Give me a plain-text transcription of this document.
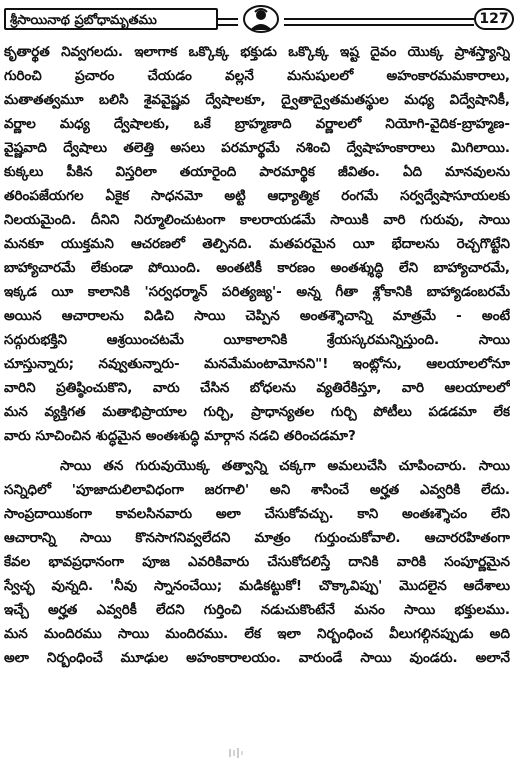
శ్రీసాయినాథ ప్రబోధామృతము	127
కృతార్థత నివ్వగలదు. ఇలాగాక ఒక్కొక్క భక్తుడు ఒక్కొక్క ఇష్ట దైవం యొక్క ప్రాశస్త్యాన్ని
గురించి ప్రచారం చేయడం వల్లనే మనుషులలో అహంకారమమకారాలు,
మతాతత్వమూ బలిసి శైవవైష్ణవ ద్వేషాలకూ, ద్వైతాద్వైతమతస్థుల మధ్య విద్వేషానికీ,
వర్ణాల మధ్య ద్వేషాలకు, ఒకే బ్రాహ్మణాది వర్ణాలలో నియోగి-వైదిక-బ్రాహ్మణ-
వైష్ణవాది ద్వేషాలు తలెత్తి అసలు పరమార్థమే నశించి ద్వేషాహంకారాలు మిగిలాయి.
కుక్కలు పీకిన విస్తరిలా తయారైంది పారమార్థిక జీవితం. ఏది మానవులను
తరింపజేయగల ఏకైక సాధనమో అట్టి ఆధ్యాత్మిక రంగమే సర్వద్వేషాసూయలకు
నిలయమైంది. దీనిని నిర్మూలించుటంగా కాలరాయడమే సాయికి వారి గురువు, సాయి
మనకూ యుక్తమని ఆచరణలో తెల్పినది. మతపరమైన యీ భేదాలను రెచ్చగొట్టేని
బాహ్యాచారమే లేకుండా పోయింది. అంతటికీ కారణం అంతశ్శుద్ధి లేని బాహ్యాచారమే,
ఇక్కడ యీ కాలానికి 'సర్వధర్మాన్ పరిత్యజ్య'- అన్న గీతా శ్లోకానికి బాహ్యాడంబరమే
అయిన ఆచారాలను విడిచి సాయి చెప్పిన అంతశ్శౌచాన్ని మాత్రమే - అంటే
సద్గురుభక్తిని ఆశ్రయించటమే యీకాలానికి శ్రేయస్కరమన్నిస్తుంది. సాయి
చూస్తున్నారు; నవ్వుతున్నారు- మనమేమంటామోనని"! ఇంట్లోను, ఆలయాలలోనూ
వారిని ప్రతిష్ఠించుకొని, వారు చేసిన బోధలను వ్యతిరేకిస్తూ, వారి ఆలయాలలో
మన వ్యక్తిగత మతాభిప్రాయాల గుర్చి, ప్రాధాన్యతల గుర్చి పోటీలు పడడమా లేక
వారు సూచించిన శుద్ధమైన అంతఃశుద్ధి మార్గాన నడచి తరించడమా?
సాయి తన గురువుయొక్క తత్వాన్ని చక్కగా అమలుచేసి చూపించారు. సాయి
సన్నిధిలో 'పూజాదులిలావిధంగా జరగాలి' అని శాసించే అర్హత ఎవ్వరికి లేదు.
సాంప్రదాయికంగా కావలసినవారు అలా చేసుకోవచ్చు. కాని అంతఃశ్శౌచం లేని
ఆచారాన్ని సాయి కొనసాగనివ్వలేదని మాత్రం గుర్తుంచుకోవాలి. ఆచారరహితంగా
కేవల భావప్రధానంగా పూజ ఎవరికివారు చేసుకోదలిస్తే దానికి వారికి సంపూర్ణమైన
స్వేచ్ఛ వున్నది. 'నీవు స్నానంచేయి; మడికట్టుకో! చొక్కావిప్పు' మొదలైన ఆదేశాలు
ఇచ్చే అర్హత ఎవ్వరికీ లేదని గుర్తించి నడుచుకొంటేనే మనం సాయి భక్తులము.
మన మందిరము సాయి మందిరము. లేక ఇలా నిర్బంధించ వీలుగల్గినప్పుడు అది
అలా నిర్బంధించే మూఢుల అహంకారాలయం. వారుండే సాయి వుండరు. అలానే
